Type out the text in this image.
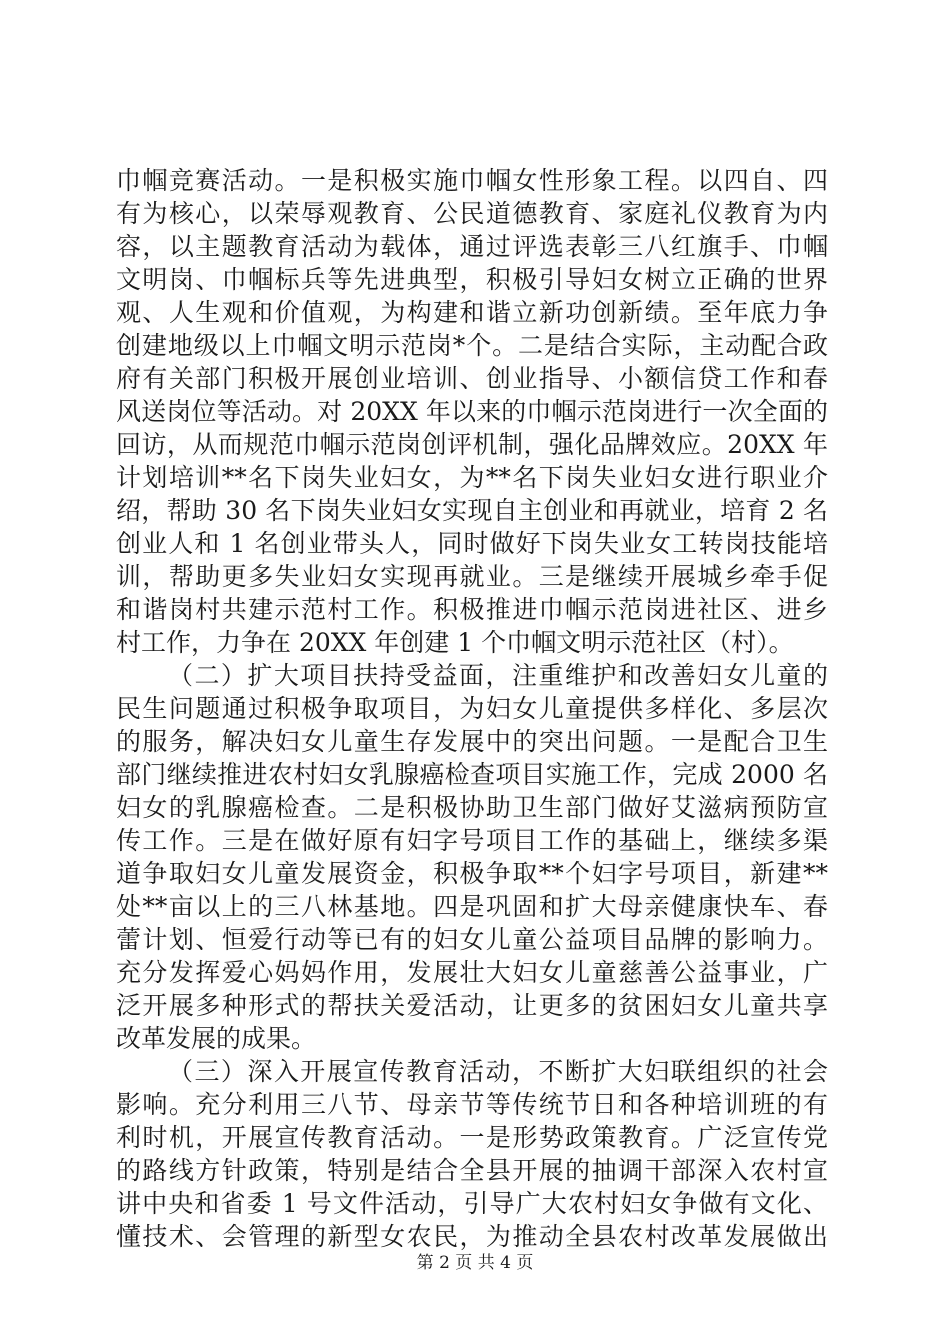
巾帼竞赛活动。一是积极实施巾帼女性形象工程。以四自、四
有为核心，以荣辱观教育、公民道德教育、家庭礼仪教育为内
容，以主题教育活动为载体，通过评选表彰三八红旗手、巾帼
文明岗、巾帼标兵等先进典型，积极引导妇女树立正确的世界
观、人生观和价值观，为构建和谐立新功创新绩。至年底力争
创建地级以上巾帼文明示范岗*个。二是结合实际，主动配合政
府有关部门积极开展创业培训、创业指导、小额信贷工作和春
风送岗位等活动。对 20XX 年以来的巾帼示范岗进行一次全面的
回访，从而规范巾帼示范岗创评机制，强化品牌效应。20XX 年
计划培训**名下岗失业妇女，为**名下岗失业妇女进行职业介
绍，帮助 30 名下岗失业妇女实现自主创业和再就业，培育 2 名
创业人和 1 名创业带头人，同时做好下岗失业女工转岗技能培
训，帮助更多失业妇女实现再就业。三是继续开展城乡牵手促
和谐岗村共建示范村工作。积极推进巾帼示范岗进社区、进乡
村工作，力争在 20XX 年创建 1 个巾帼文明示范社区（村）。
（二）扩大项目扶持受益面，注重维护和改善妇女儿童的
民生问题通过积极争取项目，为妇女儿童提供多样化、多层次
的服务，解决妇女儿童生存发展中的突出问题。一是配合卫生
部门继续推进农村妇女乳腺癌检查项目实施工作，完成 2000 名
妇女的乳腺癌检查。二是积极协助卫生部门做好艾滋病预防宣
传工作。三是在做好原有妇字号项目工作的基础上，继续多渠
道争取妇女儿童发展资金，积极争取**个妇字号项目，新建**
处**亩以上的三八林基地。四是巩固和扩大母亲健康快车、春
蕾计划、恒爱行动等已有的妇女儿童公益项目品牌的影响力。
充分发挥爱心妈妈作用，发展壮大妇女儿童慈善公益事业，广
泛开展多种形式的帮扶关爱活动，让更多的贫困妇女儿童共享
改革发展的成果。
（三）深入开展宣传教育活动，不断扩大妇联组织的社会
影响。充分利用三八节、母亲节等传统节日和各种培训班的有
利时机，开展宣传教育活动。一是形势政策教育。广泛宣传党
的路线方针政策，特别是结合全县开展的抽调干部深入农村宣
讲中央和省委 1 号文件活动，引导广大农村妇女争做有文化、
懂技术、会管理的新型女农民，为推动全县农村改革发展做出
第 2 页 共 4 页
